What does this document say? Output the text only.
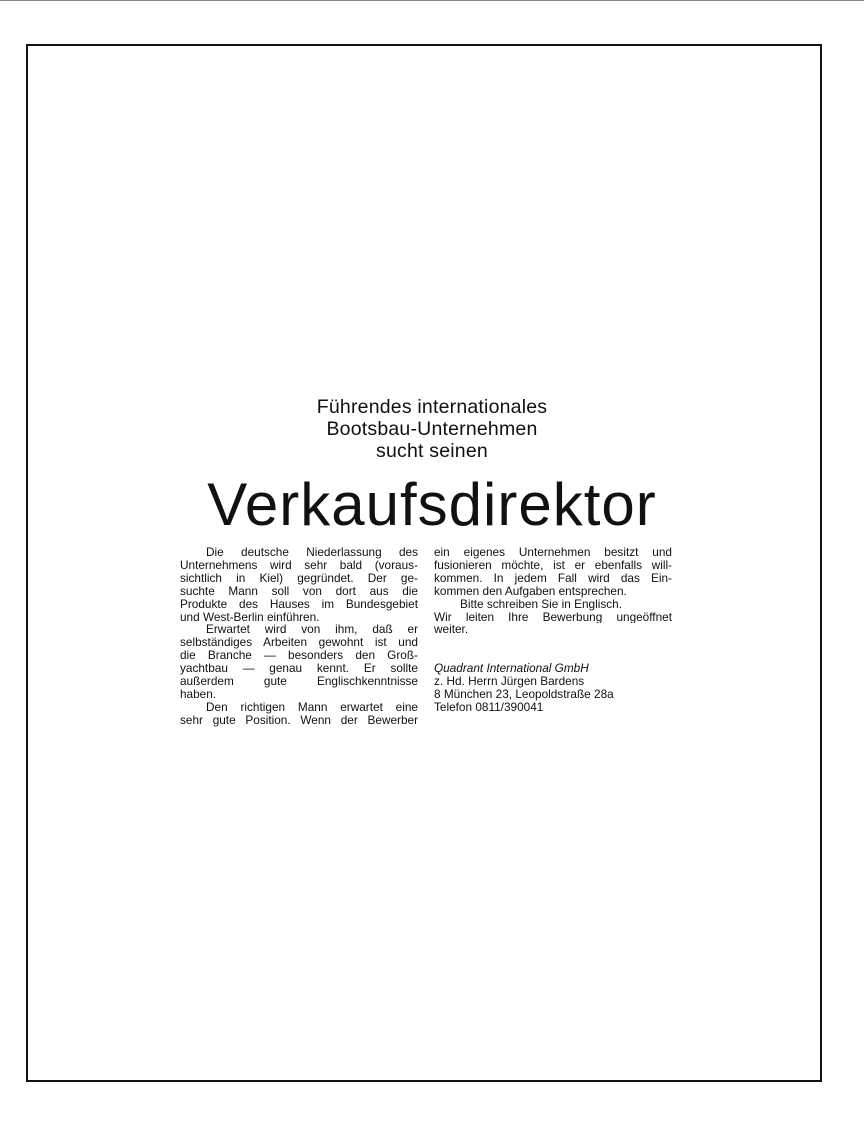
Führendes internationales
Bootsbau-Unternehmen
sucht seinen
Verkaufsdirektor
Die deutsche Niederlassung des
Unternehmens wird sehr bald (voraus-
sichtlich in Kiel) gegründet. Der ge-
suchte Mann soll von dort aus die
Produkte des Hauses im Bundesgebiet
und West-Berlin einführen.
Erwartet wird von ihm, daß er
selbständiges Arbeiten gewohnt ist und
die Branche — besonders den Groß-
yachtbau — genau kennt. Er sollte
außerdem gute Englischkenntnisse
haben.
Den richtigen Mann erwartet eine
sehr gute Position. Wenn der Bewerber
ein eigenes Unternehmen besitzt und
fusionieren möchte, ist er ebenfalls will-
kommen. In jedem Fall wird das Ein-
kommen den Aufgaben entsprechen.
Bitte schreiben Sie in Englisch.
Wir leiten Ihre Bewerbung ungeöffnet
weiter.
Quadrant International GmbH
z. Hd. Herrn Jürgen Bardens
8 München 23, Leopoldstraße 28a
Telefon 0811/390041
